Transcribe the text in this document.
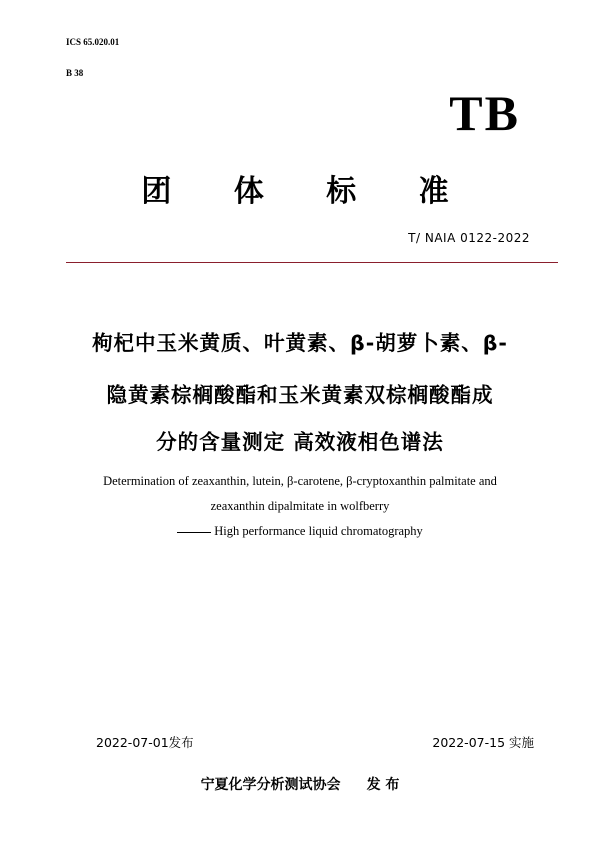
ICS 65.020.01
B 38
TB
团 体 标 准
T/ NAIA 0122-2022
枸杞中玉米黄质、叶黄素、β-胡萝卜素、β-
隐黄素棕榈酸酯和玉米黄素双棕榈酸酯成
分的含量测定 高效液相色谱法
Determination of zeaxanthin, lutein, β-carotene, β-cryptoxanthin palmitate and
zeaxanthin dipalmitate in wolfberry
High performance liquid chromatography
2022-07-01发布	2022-07-15 实施
宁夏化学分析测试协会 发 布
